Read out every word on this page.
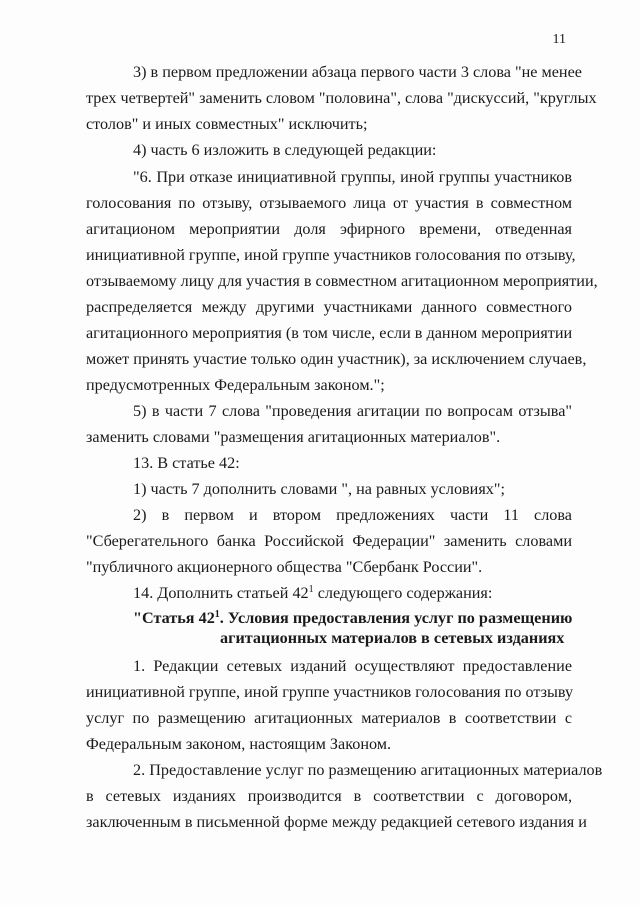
11
3) в первом предложении абзаца первого части 3 слова "не менее
трех четвертей" заменить словом "половина", слова "дискуссий, "круглых
столов" и иных совместных" исключить;
4) часть 6 изложить в следующей редакции:
"6. При отказе инициативной группы, иной группы участников
голосования по отзыву, отзываемого лица от участия в совместном
агитационом мероприятии доля эфирного времени, отведенная
инициативной группе, иной группе участников голосования по отзыву,
отзываемому лицу для участия в совместном агитационном мероприятии,
распределяется между другими участниками данного совместного
агитационного мероприятия (в том числе, если в данном мероприятии
может принять участие только один участник), за исключением случаев,
предусмотренных Федеральным законом.";
5) в части 7 слова "проведения агитации по вопросам отзыва"
заменить словами "размещения агитационных материалов".
13. В статье 42:
1) часть 7 дополнить словами ", на равных условиях";
2) в первом и втором предложениях части 11 слова
"Сберегательного банка Российской Федерации" заменить словами
"публичного акционерного общества "Сбербанк России".
14. Дополнить статьей $42^1$ следующего содержания:
"Статья $42^1$. Условия предоставления услуг по размещению
агитационных материалов в сетевых изданиях
1. Редакции сетевых изданий осуществляют предоставление
инициативной группе, иной группе участников голосования по отзыву
услуг по размещению агитационных материалов в соответствии с
Федеральным законом, настоящим Законом.
2. Предоставление услуг по размещению агитационных материалов
в сетевых изданиях производится в соответствии с договором,
заключенным в письменной форме между редакцией сетевого издания и
